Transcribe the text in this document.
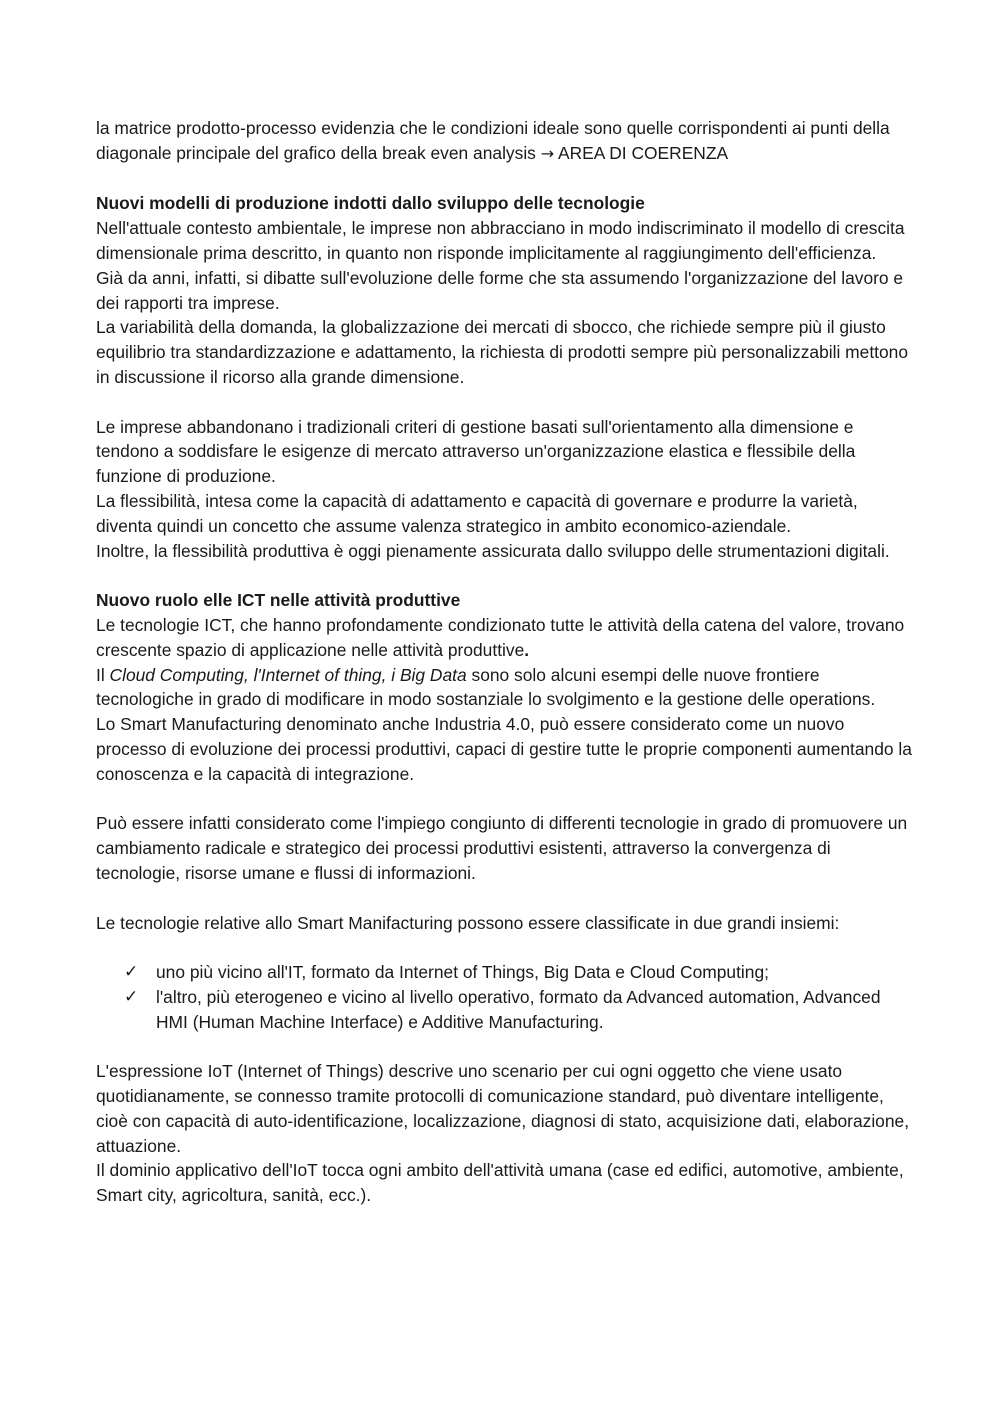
la matrice prodotto-processo evidenzia che le condizioni ideale sono quelle corrispondenti ai punti della diagonale principale del grafico della break even analysis → AREA DI COERENZA

Nuovi modelli di produzione indotti dallo sviluppo delle tecnologie

Nell'attuale contesto ambientale, le imprese non abbracciano in modo indiscriminato il modello di crescita dimensionale prima descritto, in quanto non risponde implicitamente al raggiungimento dell'efficienza.

Già da anni, infatti, si dibatte sull'evoluzione delle forme che sta assumendo l'organizzazione del lavoro e dei rapporti tra imprese.

La variabilità della domanda, la globalizzazione dei mercati di sbocco, che richiede sempre più il giusto equilibrio tra standardizzazione e adattamento, la richiesta di prodotti sempre più personalizzabili mettono in discussione il ricorso alla grande dimensione.

Le imprese abbandonano i tradizionali criteri di gestione basati sull'orientamento alla dimensione e tendono a soddisfare le esigenze di mercato attraverso un'organizzazione elastica e flessibile della funzione di produzione.

La flessibilità, intesa come la capacità di adattamento e capacità di governare e produrre la varietà, diventa quindi un concetto che assume valenza strategico in ambito economico-aziendale.

Inoltre, la flessibilità produttiva è oggi pienamente assicurata dallo sviluppo delle strumentazioni digitali.

Nuovo ruolo elle ICT nelle attività produttive

Le tecnologie ICT, che hanno profondamente condizionato tutte le attività della catena del valore, trovano crescente spazio di applicazione nelle attività produttive.

Il Cloud Computing, l'Internet of thing, i Big Data sono solo alcuni esempi delle nuove frontiere tecnologiche in grado di modificare in modo sostanziale lo svolgimento e la gestione delle operations.

Lo Smart Manufacturing denominato anche Industria 4.0, può essere considerato come un nuovo processo di evoluzione dei processi produttivi, capaci di gestire tutte le proprie componenti aumentando la conoscenza e la capacità di integrazione.

Può essere infatti considerato come l'impiego congiunto di differenti tecnologie in grado di promuovere un cambiamento radicale e strategico dei processi produttivi esistenti, attraverso la convergenza di tecnologie, risorse umane e flussi di informazioni.

Le tecnologie relative allo Smart Manifacturing possono essere classificate in due grandi insiemi:

✓ uno più vicino all'IT, formato da Internet of Things, Big Data e Cloud Computing;
✓ l'altro, più eterogeneo e vicino al livello operativo, formato da Advanced automation, Advanced HMI (Human Machine Interface) e Additive Manufacturing.

L'espressione IoT (Internet of Things) descrive uno scenario per cui ogni oggetto che viene usato quotidianamente, se connesso tramite protocolli di comunicazione standard, può diventare intelligente, cioè con capacità di auto-identificazione, localizzazione, diagnosi di stato, acquisizione dati, elaborazione, attuazione.

Il dominio applicativo dell'IoT tocca ogni ambito dell'attività umana (case ed edifici, automotive, ambiente, Smart city, agricoltura, sanità, ecc.).
